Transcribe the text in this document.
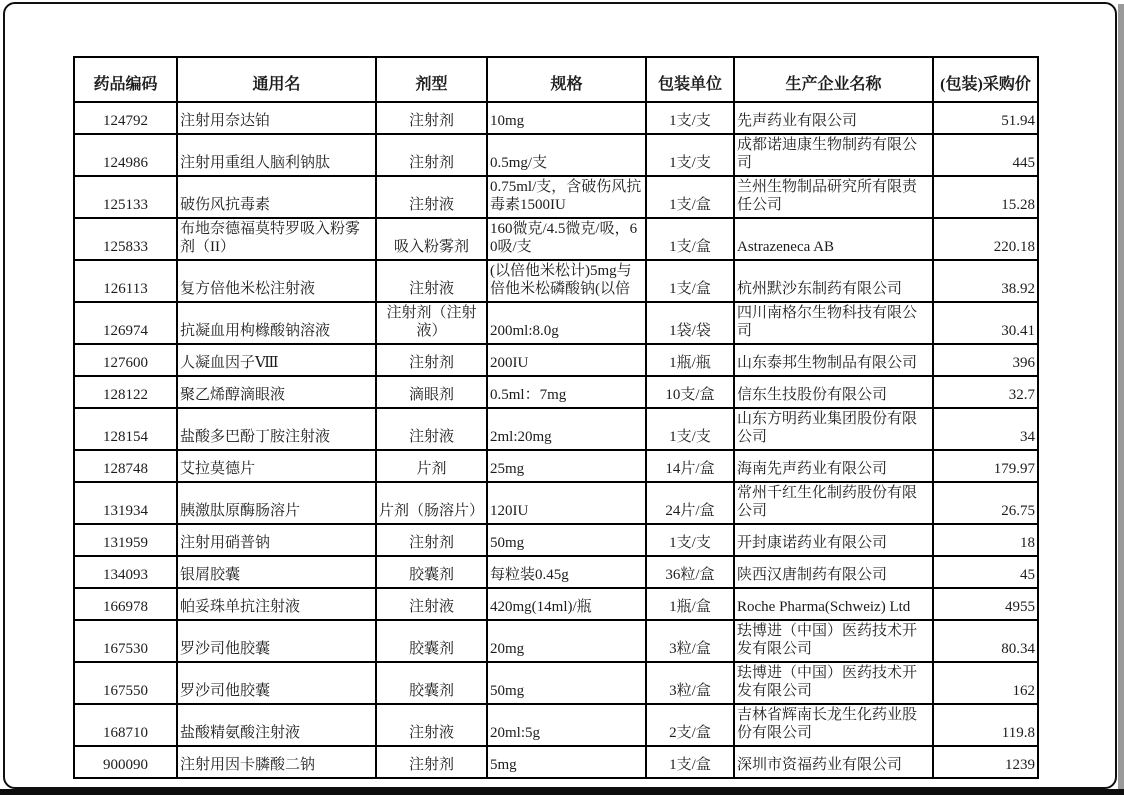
药品编码	通用名	剂型	规格	包装单位	生产企业名称	(包装)采购价
124792	注射用奈达铂	注射剂	10mg	1支/支	先声药业有限公司	51.94
124986	注射用重组人脑利钠肽	注射剂	0.5mg/支	1支/支	成都诺迪康生物制药有限公司	445
125133	破伤风抗毒素	注射液	0.75ml/支，含破伤风抗毒素1500IU	1支/盒	兰州生物制品研究所有限责任公司	15.28
125833	布地奈德福莫特罗吸入粉雾剂（II）	吸入粉雾剂	160微克/4.5微克/吸，60吸/支	1支/盒	Astrazeneca AB	220.18
126113	复方倍他米松注射液	注射液	(以倍他米松计)5mg与倍他米松磷酸钠(以倍	1支/盒	杭州默沙东制药有限公司	38.92
126974	抗凝血用枸橼酸钠溶液	注射剂（注射液）	200ml:8.0g	1袋/袋	四川南格尔生物科技有限公司	30.41
127600	人凝血因子Ⅷ	注射剂	200IU	1瓶/瓶	山东泰邦生物制品有限公司	396
128122	聚乙烯醇滴眼液	滴眼剂	0.5ml：7mg	10支/盒	信东生技股份有限公司	32.7
128154	盐酸多巴酚丁胺注射液	注射液	2ml:20mg	1支/支	山东方明药业集团股份有限公司	34
128748	艾拉莫德片	片剂	25mg	14片/盒	海南先声药业有限公司	179.97
131934	胰激肽原酶肠溶片	片剂（肠溶片）	120IU	24片/盒	常州千红生化制药股份有限公司	26.75
131959	注射用硝普钠	注射剂	50mg	1支/支	开封康诺药业有限公司	18
134093	银屑胶囊	胶囊剂	每粒装0.45g	36粒/盒	陕西汉唐制药有限公司	45
166978	帕妥珠单抗注射液	注射液	420mg(14ml)/瓶	1瓶/盒	Roche Pharma(Schweiz) Ltd	4955
167530	罗沙司他胶囊	胶囊剂	20mg	3粒/盒	珐博进（中国）医药技术开发有限公司	80.34
167550	罗沙司他胶囊	胶囊剂	50mg	3粒/盒	珐博进（中国）医药技术开发有限公司	162
168710	盐酸精氨酸注射液	注射液	20ml:5g	2支/盒	吉林省辉南长龙生化药业股份有限公司	119.8
900090	注射用因卡膦酸二钠	注射剂	5mg	1支/盒	深圳市资福药业有限公司	1239
